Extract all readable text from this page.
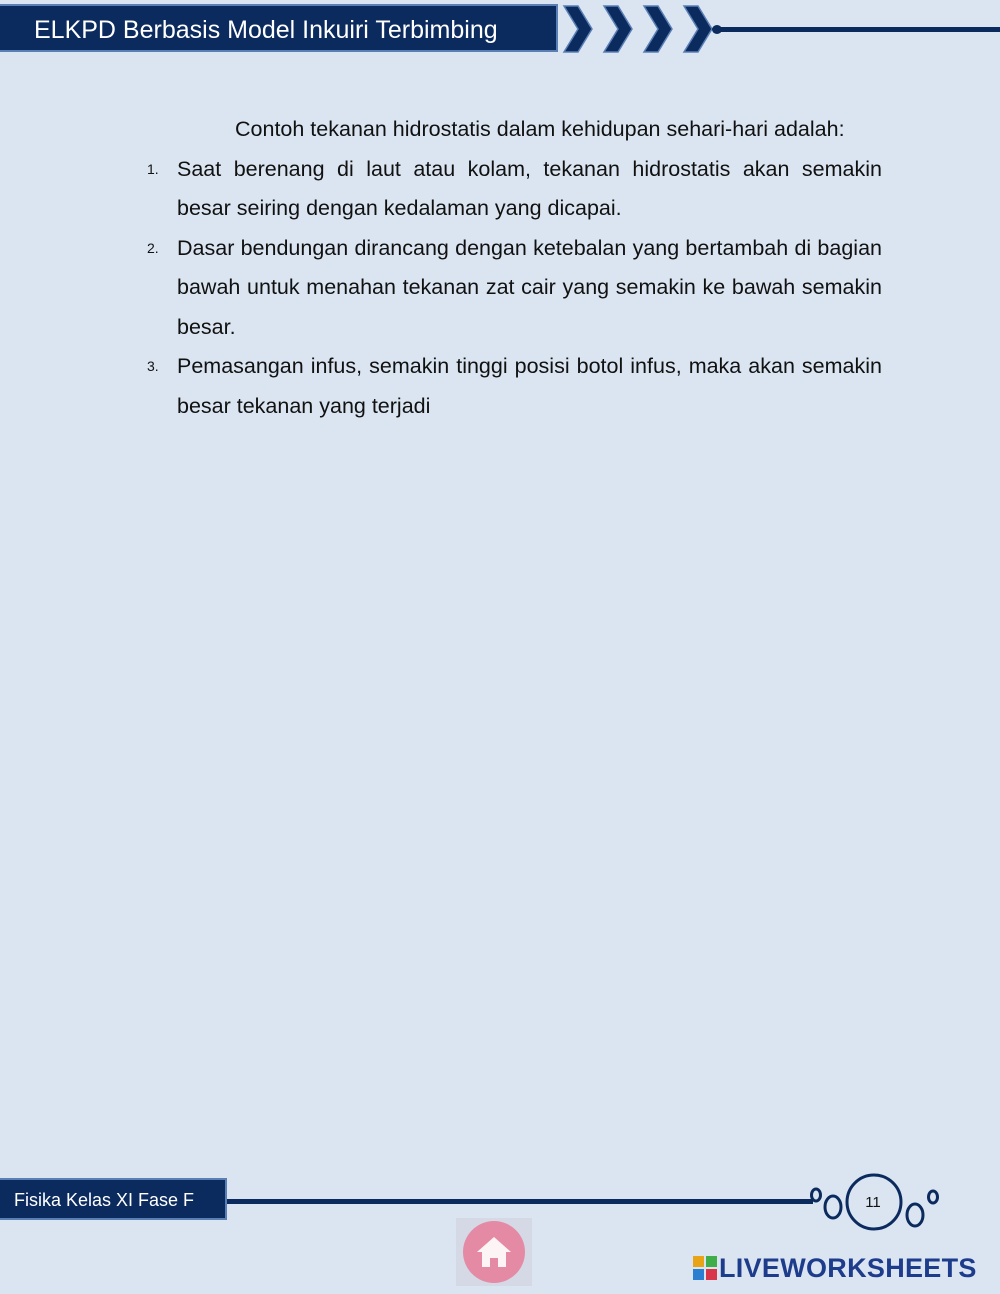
ELKPD Berbasis Model Inkuiri Terbimbing

Contoh tekanan hidrostatis dalam kehidupan sehari-hari adalah:

1. Saat berenang di laut atau kolam, tekanan hidrostatis akan semakin besar seiring dengan kedalaman yang dicapai.
2. Dasar bendungan dirancang dengan ketebalan yang bertambah di bagian bawah untuk menahan tekanan zat cair yang semakin ke bawah semakin besar.
3. Pemasangan infus, semakin tinggi posisi botol infus, maka akan semakin besar tekanan yang terjadi
Fisika Kelas XI Fase F	11
LIVEWORKSHEETS
